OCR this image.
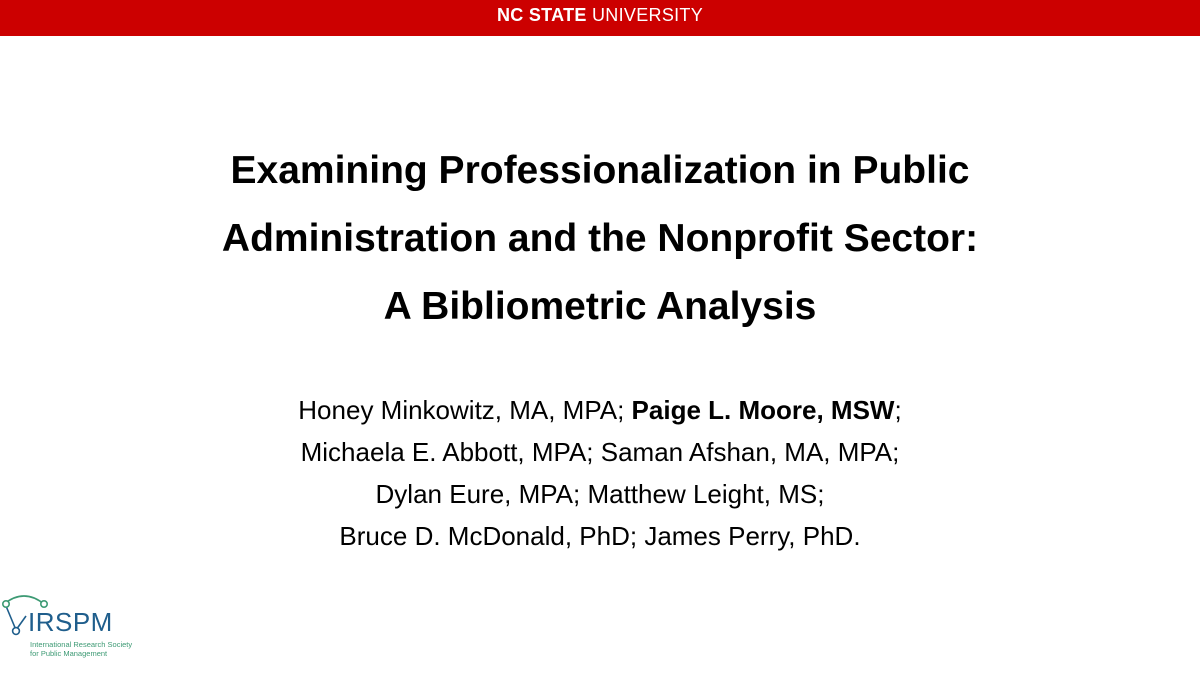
NC STATE UNIVERSITY
Examining Professionalization in Public
Administration and the Nonprofit Sector:
A Bibliometric Analysis
Honey Minkowitz, MA, MPA; Paige L. Moore, MSW;
Michaela E. Abbott, MPA; Saman Afshan, MA, MPA;
Dylan Eure, MPA; Matthew Leight, MS;
Bruce D. McDonald, PhD; James Perry, PhD.
IRSPM
International Research Society
for Public Management
